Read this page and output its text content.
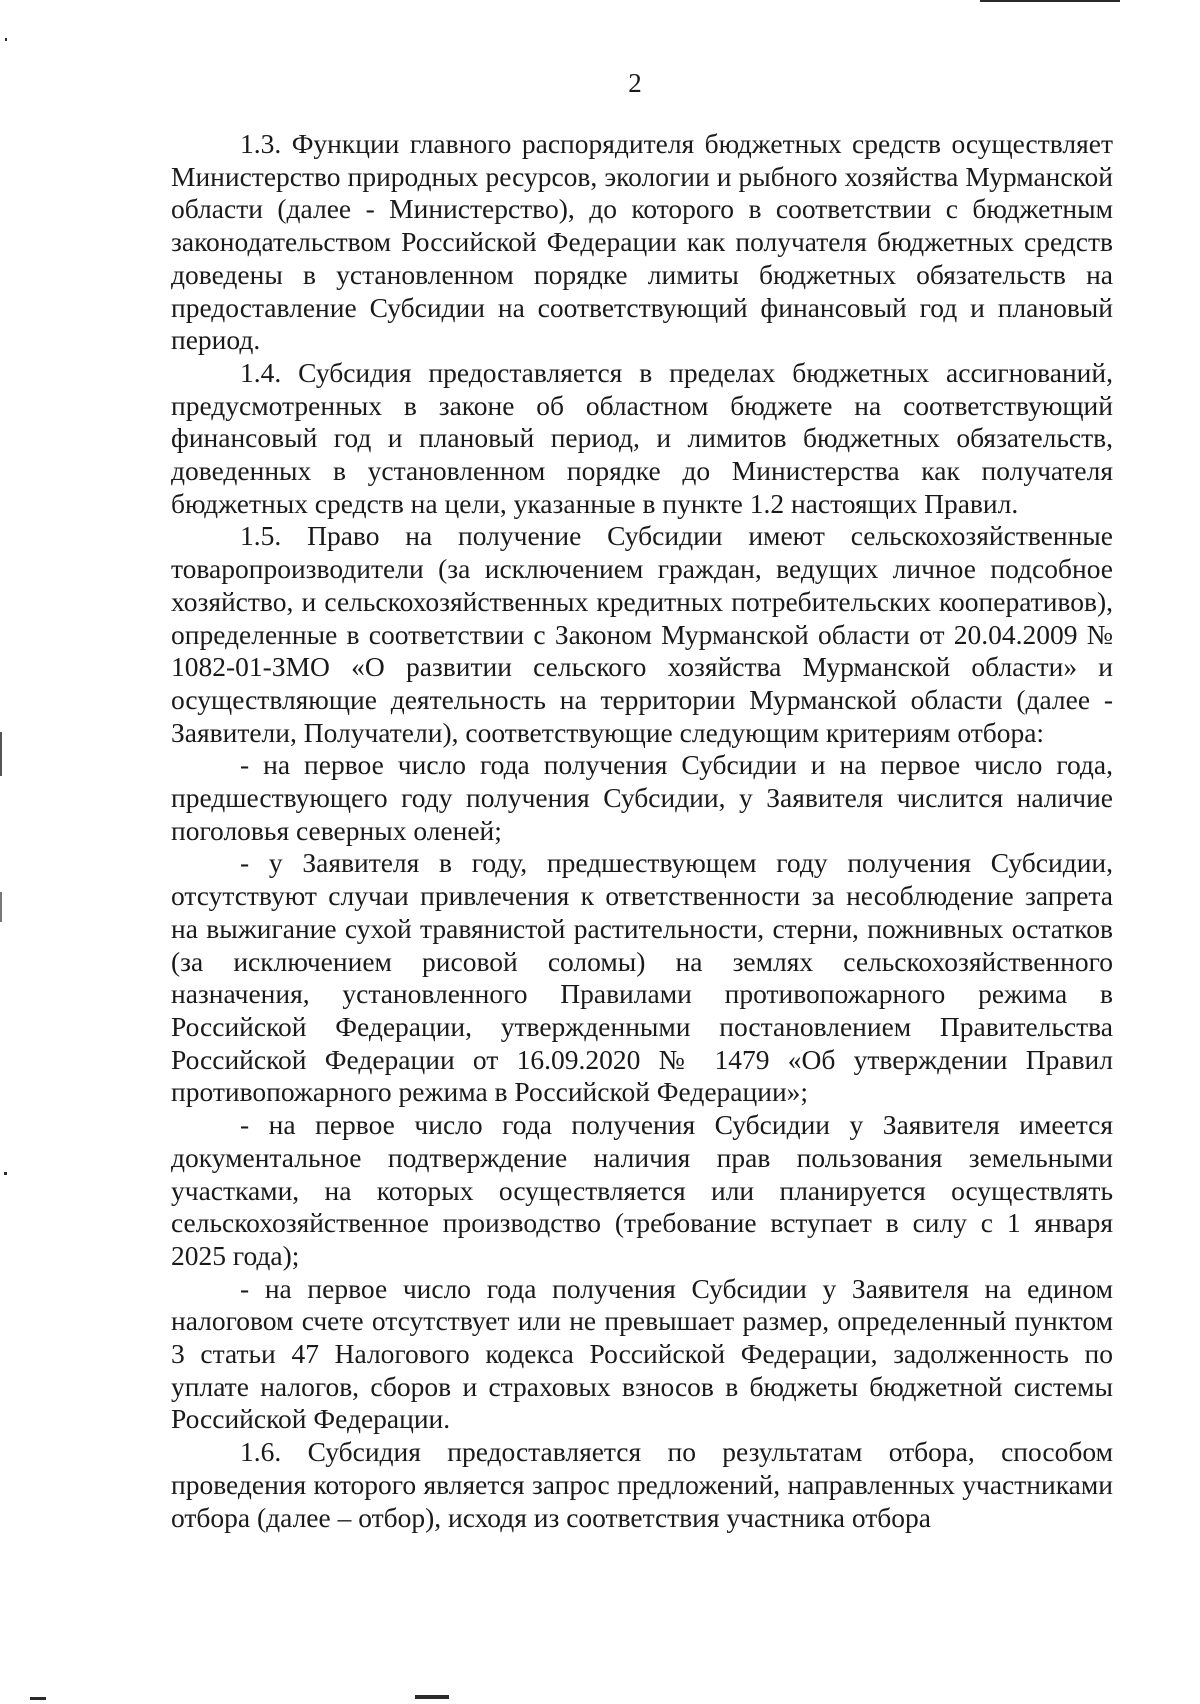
2

1.3. Функции главного распорядителя бюджетных средств осуществляет Министерство природных ресурсов, экологии и рыбного хозяйства Мурманской области (далее - Министерство), до которого в соответствии с бюджетным законодательством Российской Федерации как получателя бюджетных средств доведены в установленном порядке лимиты бюджетных обязательств на предоставление Субсидии на соответствующий финансовый год и плановый период.

1.4. Субсидия предоставляется в пределах бюджетных ассигнований, предусмотренных в законе об областном бюджете на соответствующий финансовый год и плановый период, и лимитов бюджетных обязательств, доведенных в установленном порядке до Министерства как получателя бюджетных средств на цели, указанные в пункте 1.2 настоящих Правил.

1.5. Право на получение Субсидии имеют сельскохозяйственные товаропроизводители (за исключением граждан, ведущих личное подсобное хозяйство, и сельскохозяйственных кредитных потребительских кооперативов), определенные в соответствии с Законом Мурманской области от 20.04.2009 № 1082-01-ЗМО «О развитии сельского хозяйства Мурманской области» и осуществляющие деятельность на территории Мурманской области (далее - Заявители, Получатели), соответствующие следующим критериям отбора:

- на первое число года получения Субсидии и на первое число года, предшествующего году получения Субсидии, у Заявителя числится наличие поголовья северных оленей;

- у Заявителя в году, предшествующем году получения Субсидии, отсутствуют случаи привлечения к ответственности за несоблюдение запрета на выжигание сухой травянистой растительности, стерни, пожнивных остатков (за исключением рисовой соломы) на землях сельскохозяйственного назначения, установленного Правилами противопожарного режима в Российской Федерации, утвержденными постановлением Правительства Российской Федерации от 16.09.2020 № 1479 «Об утверждении Правил противопожарного режима в Российской Федерации»;

- на первое число года получения Субсидии у Заявителя имеется документальное подтверждение наличия прав пользования земельными участками, на которых осуществляется или планируется осуществлять сельскохозяйственное производство (требование вступает в силу с 1 января 2025 года);

- на первое число года получения Субсидии у Заявителя на едином налоговом счете отсутствует или не превышает размер, определенный пунктом 3 статьи 47 Налогового кодекса Российской Федерации, задолженность по уплате налогов, сборов и страховых взносов в бюджеты бюджетной системы Российской Федерации.

1.6. Субсидия предоставляется по результатам отбора, способом проведения которого является запрос предложений, направленных участниками отбора (далее – отбор), исходя из соответствия участника отбора
